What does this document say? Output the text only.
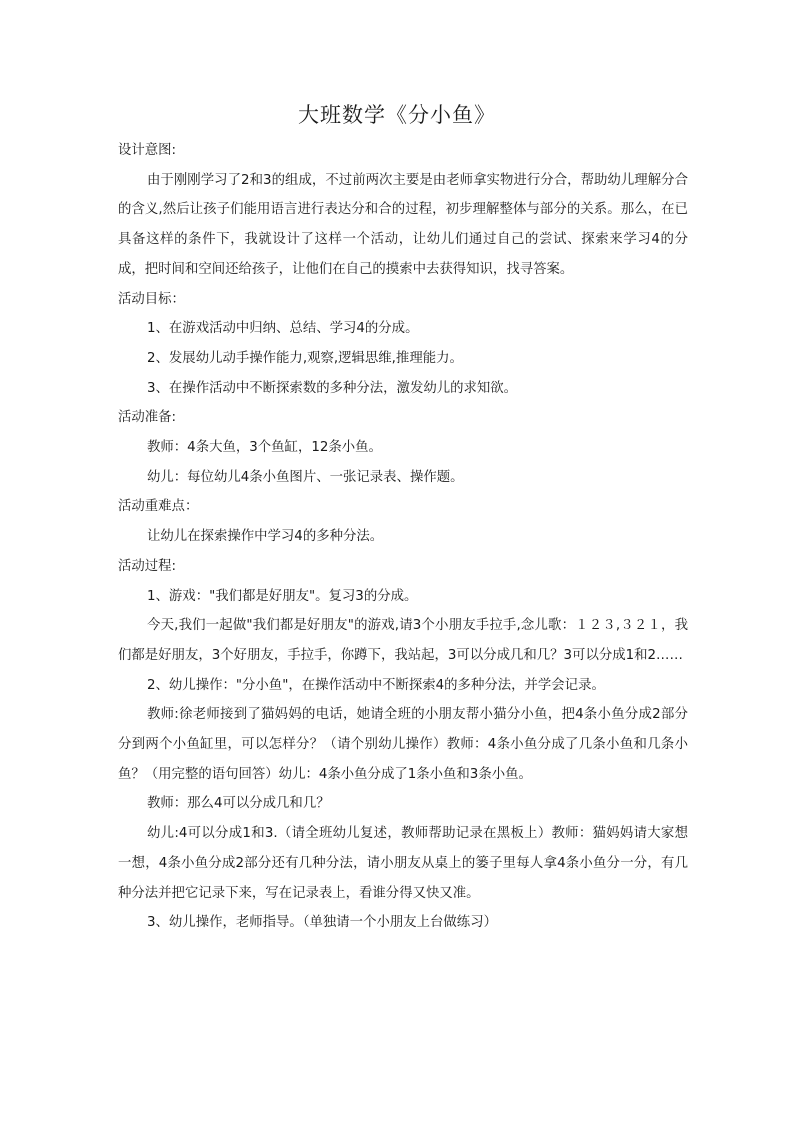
大班数学《分小鱼》

设计意图:

由于刚刚学习了2和3的组成，不过前两次主要是由老师拿实物进行分合，帮助幼儿理解分合的含义,然后让孩子们能用语言进行表达分和合的过程，初步理解整体与部分的关系。那么，在已具备这样的条件下，我就设计了这样一个活动，让幼儿们通过自己的尝试、探索来学习4的分成，把时间和空间还给孩子，让他们在自己的摸索中去获得知识，找寻答案。

活动目标：

1、在游戏活动中归纳、总结、学习4的分成。

2、发展幼儿动手操作能力,观察,逻辑思维,推理能力。

3、在操作活动中不断探索数的多种分法，激发幼儿的求知欲。

活动准备:

教师：4条大鱼，3个鱼缸，12条小鱼。

幼儿：每位幼儿4条小鱼图片、一张记录表、操作题。

活动重难点：

让幼儿在探索操作中学习4的多种分法。

活动过程:

1、游戏："我们都是好朋友"。复习3的分成。

今天,我们一起做"我们都是好朋友"的游戏,请3个小朋友手拉手,念儿歌：１２３,３２１，我们都是好朋友，3个好朋友，手拉手，你蹲下，我站起，3可以分成几和几？3可以分成1和2……

2、幼儿操作："分小鱼"，在操作活动中不断探索4的多种分法，并学会记录。

教师:徐老师接到了猫妈妈的电话，她请全班的小朋友帮小猫分小鱼，把4条小鱼分成2部分分到两个小鱼缸里，可以怎样分？（请个别幼儿操作）教师：4条小鱼分成了几条小鱼和几条小鱼？（用完整的语句回答）幼儿：4条小鱼分成了1条小鱼和3条小鱼。

教师：那么4可以分成几和几？

幼儿:4可以分成1和3.（请全班幼儿复述，教师帮助记录在黑板上）教师：猫妈妈请大家想一想，4条小鱼分成2部分还有几种分法，请小朋友从桌上的篓子里每人拿4条小鱼分一分，有几种分法并把它记录下来，写在记录表上，看谁分得又快又准。

3、幼儿操作，老师指导。（单独请一个小朋友上台做练习）
